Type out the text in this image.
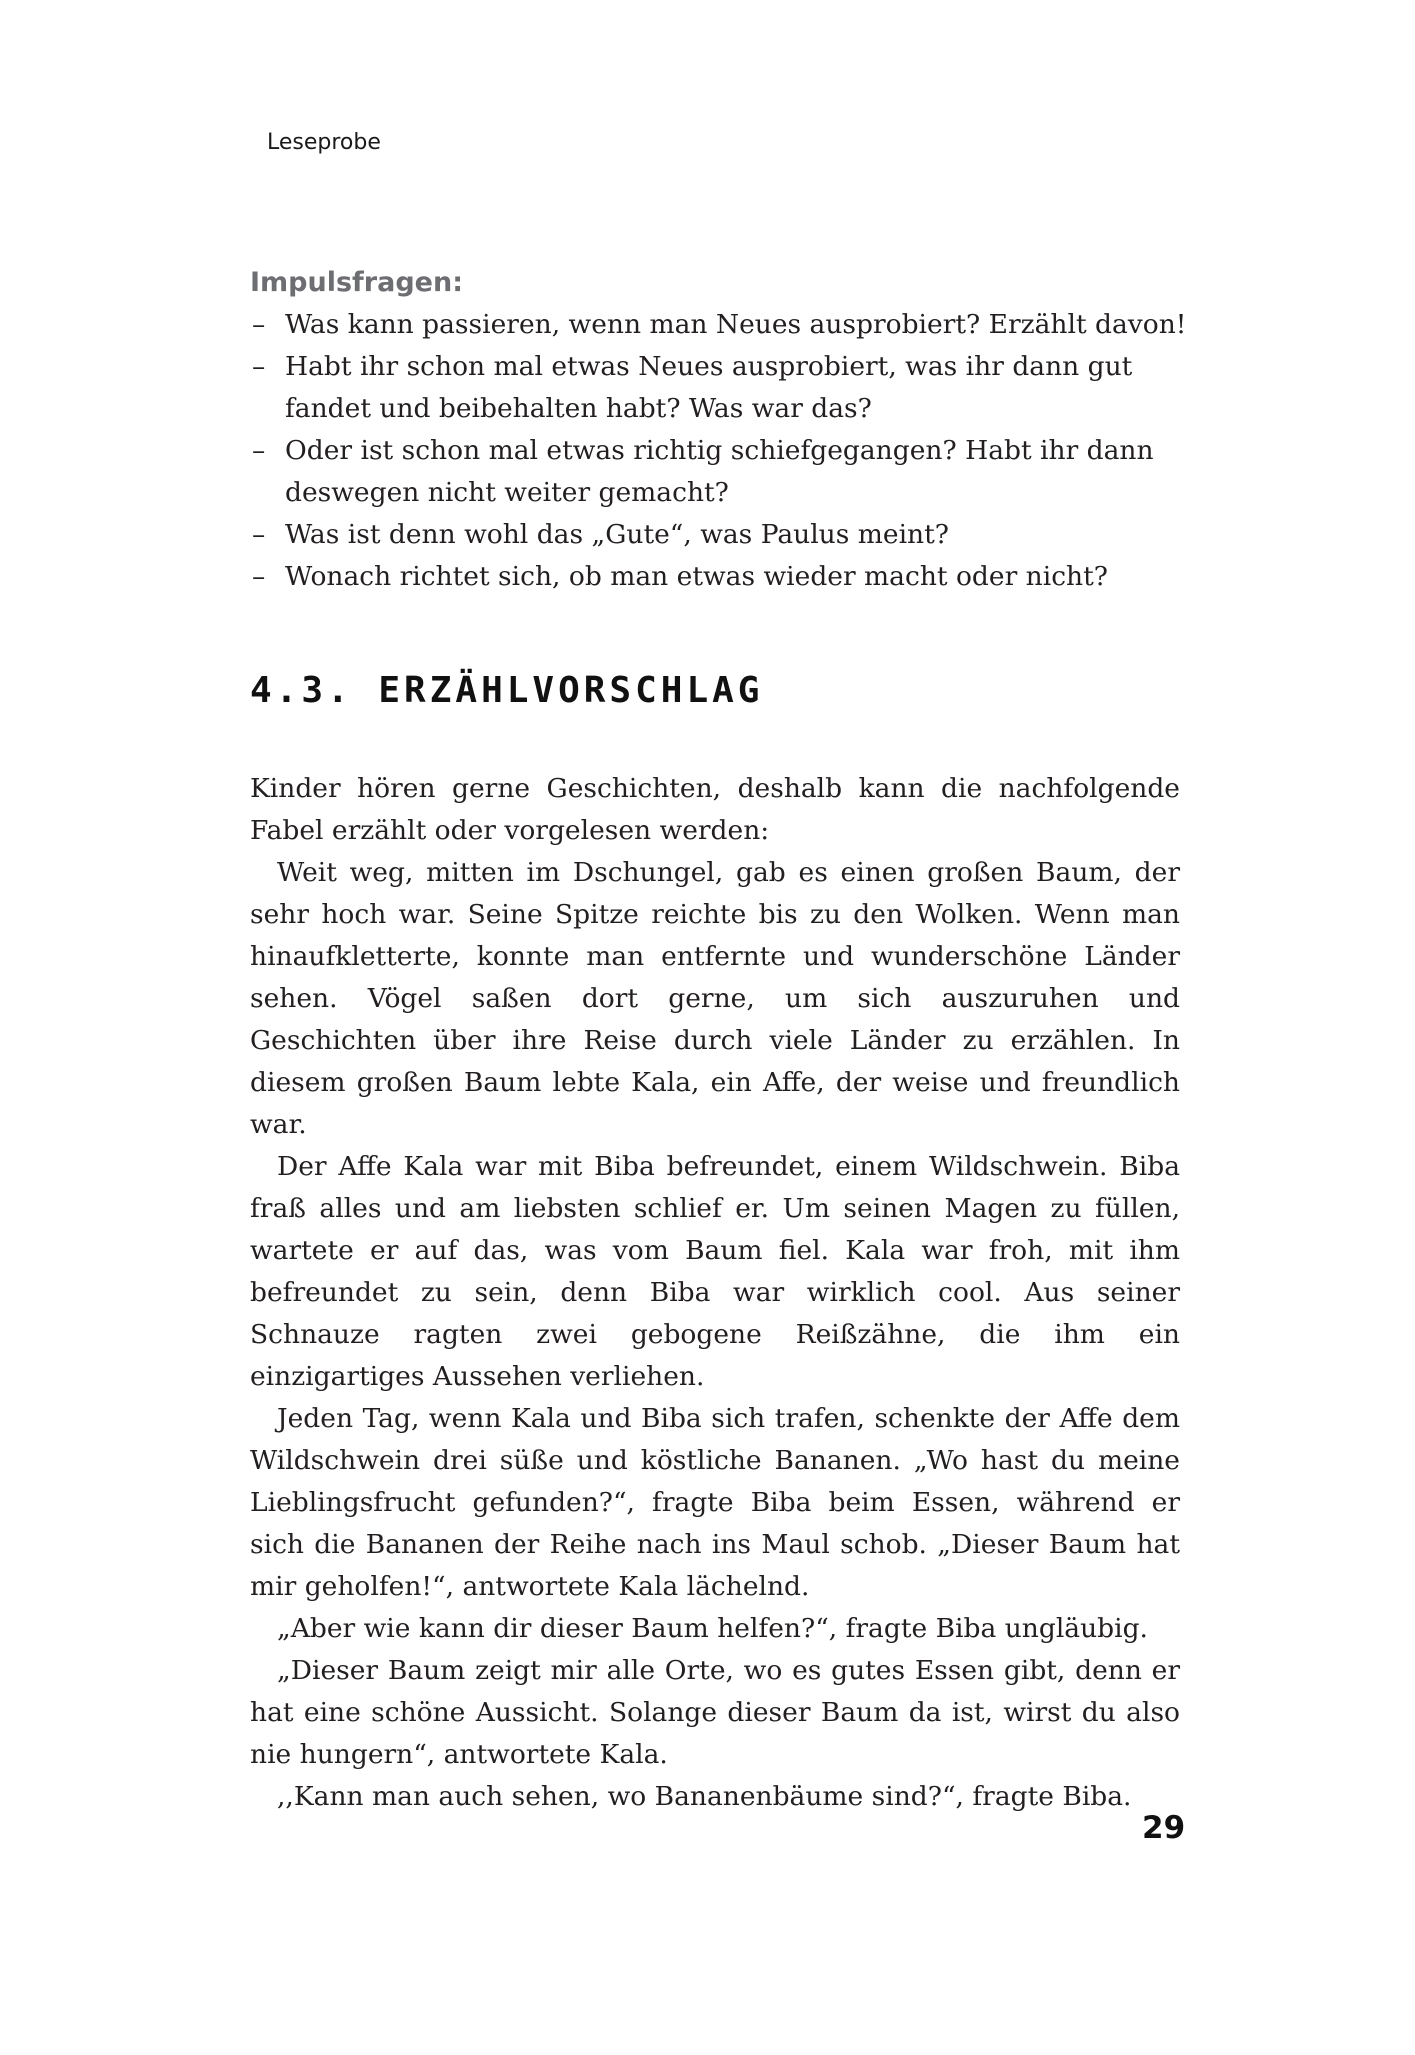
Leseprobe
Impulsfragen:
– Was kann passieren, wenn man Neues ausprobiert? Erzählt davon!
– Habt ihr schon mal etwas Neues ausprobiert, was ihr dann gut fandet und beibehalten habt? Was war das?
– Oder ist schon mal etwas richtig schiefgegangen? Habt ihr dann deswegen nicht weiter gemacht?
– Was ist denn wohl das „Gute“, was Paulus meint?
– Wonach richtet sich, ob man etwas wieder macht oder nicht?
4.3. ERZÄHLVORSCHLAG

Kinder hören gerne Geschichten, deshalb kann die nachfolgende Fabel erzählt oder vorgelesen werden:

Weit weg, mitten im Dschungel, gab es einen großen Baum, der sehr hoch war. Seine Spitze reichte bis zu den Wolken. Wenn man hinaufkletterte, konnte man entfernte und wunderschöne Länder sehen. Vögel saßen dort gerne, um sich auszuruhen und Geschichten über ihre Reise durch viele Länder zu erzählen. In diesem großen Baum lebte Kala, ein Affe, der weise und freundlich war.

Der Affe Kala war mit Biba befreundet, einem Wildschwein. Biba fraß alles und am liebsten schlief er. Um seinen Magen zu füllen, wartete er auf das, was vom Baum fiel. Kala war froh, mit ihm befreundet zu sein, denn Biba war wirklich cool. Aus seiner Schnauze ragten zwei gebogene Reißzähne, die ihm ein einzigartiges Aussehen verliehen.

Jeden Tag, wenn Kala und Biba sich trafen, schenkte der Affe dem Wildschwein drei süße und köstliche Bananen. „Wo hast du meine Lieblingsfrucht gefunden?“, fragte Biba beim Essen, während er sich die Bananen der Reihe nach ins Maul schob. „Dieser Baum hat mir geholfen!“, antwortete Kala lächelnd.

„Aber wie kann dir dieser Baum helfen?“, fragte Biba ungläubig.

„Dieser Baum zeigt mir alle Orte, wo es gutes Essen gibt, denn er hat eine schöne Aussicht. Solange dieser Baum da ist, wirst du also nie hungern“, antwortete Kala.

,,Kann man auch sehen, wo Bananenbäume sind?“, fragte Biba.

29
